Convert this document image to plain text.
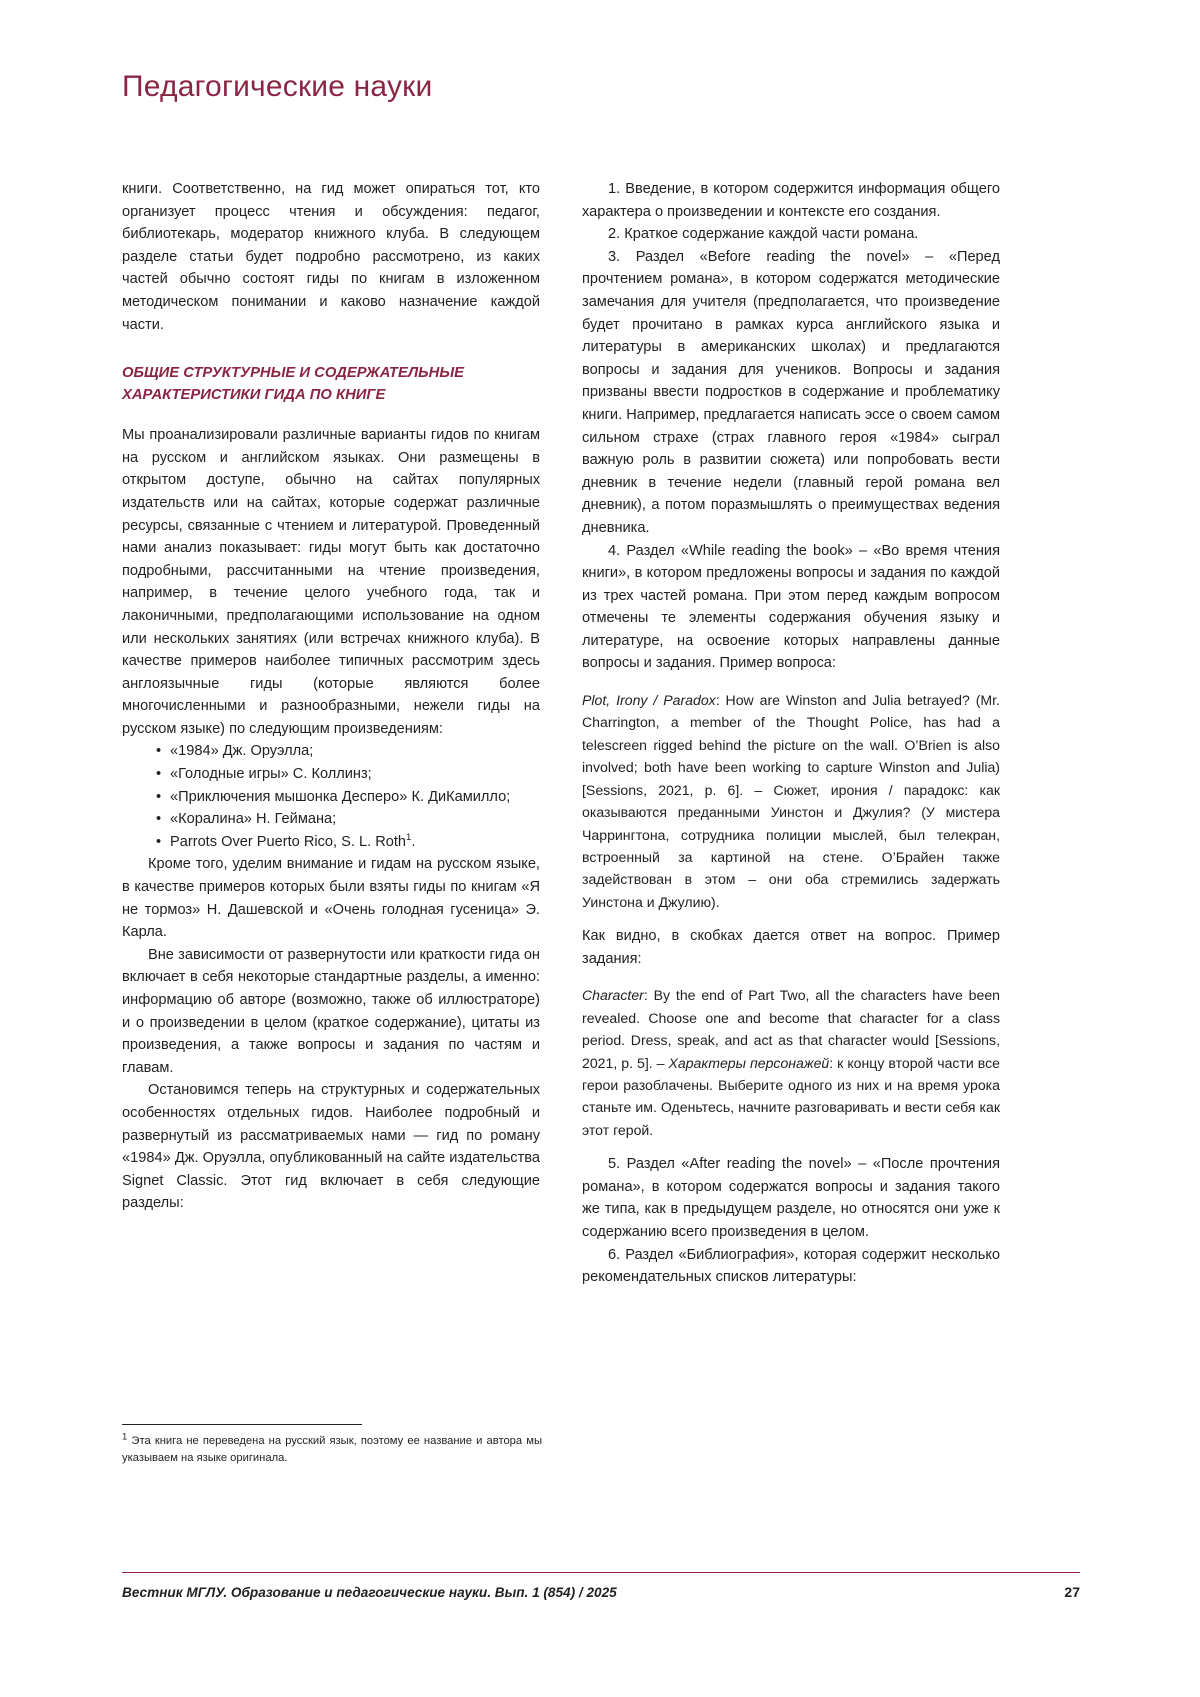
Педагогические науки

книги. Соответственно, на гид может опираться тот, кто организует процесс чтения и обсуждения: педагог, библиотекарь, модератор книжного клуба. В следующем разделе статьи будет подробно рассмотрено, из каких частей обычно состоят гиды по книгам в изложенном методическом понимании и каково назначение каждой части.

ОБЩИЕ СТРУКТУРНЫЕ И СОДЕРЖАТЕЛЬНЫЕ ХАРАКТЕРИСТИКИ ГИДА ПО КНИГЕ

Мы проанализировали различные варианты гидов по книгам на русском и английском языках. Они размещены в открытом доступе, обычно на сайтах популярных издательств или на сайтах, которые содержат различные ресурсы, связанные с чтением и литературой. Проведенный нами анализ показывает: гиды могут быть как достаточно подробными, рассчитанными на чтение произведения, например, в течение целого учебного года, так и лаконичными, предполагающими использование на одном или нескольких занятиях (или встречах книжного клуба). В качестве примеров наиболее типичных рассмотрим здесь англоязычные гиды (которые являются более многочисленными и разнообразными, нежели гиды на русском языке) по следующим произведениям:

• «1984» Дж. Оруэлла;
• «Голодные игры» С. Коллинз;
• «Приключения мышонка Десперо» К. ДиКамилло;
• «Коралина» Н. Геймана;
• Parrots Over Puerto Rico, S. L. Roth$^1$.

Кроме того, уделим внимание и гидам на русском языке, в качестве примеров которых были взяты гиды по книгам «Я не тормоз» Н. Дашевской и «Очень голодная гусеница» Э. Карла.

Вне зависимости от развернутости или краткости гида он включает в себя некоторые стандартные разделы, а именно: информацию об авторе (возможно, также об иллюстраторе) и о произведении в целом (краткое содержание), цитаты из произведения, а также вопросы и задания по частям и главам.

Остановимся теперь на структурных и содержательных особенностях отдельных гидов. Наиболее подробный и развернутый из рассматриваемых нами — гид по роману «1984» Дж. Оруэлла, опубликованный на сайте издательства Signet Classic. Этот гид включает в себя следующие разделы:

1. Введение, в котором содержится информация общего характера о произведении и контексте его создания.

2. Краткое содержание каждой части романа.

3. Раздел «Before reading the novel» – «Перед прочтением романа», в котором содержатся методические замечания для учителя (предполагается, что произведение будет прочитано в рамках курса английского языка и литературы в американских школах) и предлагаются вопросы и задания для учеников. Вопросы и задания призваны ввести подростков в содержание и проблематику книги. Например, предлагается написать эссе о своем самом сильном страхе (страх главного героя «1984» сыграл важную роль в развитии сюжета) или попробовать вести дневник в течение недели (главный герой романа вел дневник), а потом поразмышлять о преимуществах ведения дневника.

4. Раздел «While reading the book» – «Во время чтения книги», в котором предложены вопросы и задания по каждой из трех частей романа. При этом перед каждым вопросом отмечены те элементы содержания обучения языку и литературе, на освоение которых направлены данные вопросы и задания. Пример вопроса:

Plot, Irony / Paradox: How are Winston and Julia betrayed? (Mr. Charrington, a member of the Thought Police, has had a telescreen rigged behind the picture on the wall. O’Brien is also involved; both have been working to capture Winston and Julia) [Sessions, 2021, p. 6]. – Сюжет, ирония / парадокс: как оказываются преданными Уинстон и Джулия? (У мистера Чаррингтона, сотрудника полиции мыслей, был телекран, встроенный за картиной на стене. О’Брайен также задействован в этом – они оба стремились задержать Уинстона и Джулию).

Как видно, в скобках дается ответ на вопрос. Пример задания:

Character: By the end of Part Two, all the characters have been revealed. Choose one and become that character for a class period. Dress, speak, and act as that character would [Sessions, 2021, p. 5]. – Характеры персонажей: к концу второй части все герои разоблачены. Выберите одного из них и на время урока станьте им. Оденьтесь, начните разговаривать и вести себя как этот герой.

5. Раздел «After reading the novel» – «После прочтения романа», в котором содержатся вопросы и задания такого же типа, как в предыдущем разделе, но относятся они уже к содержанию всего произведения в целом.

6. Раздел «Библиография», которая содержит несколько рекомендательных списков литературы:

$^1$ Эта книга не переведена на русский язык, поэтому ее название и автора мы указываем на языке оригинала.
Вестник МГЛУ. Образование и педагогические науки. Вып. 1 (854) / 2025	27
